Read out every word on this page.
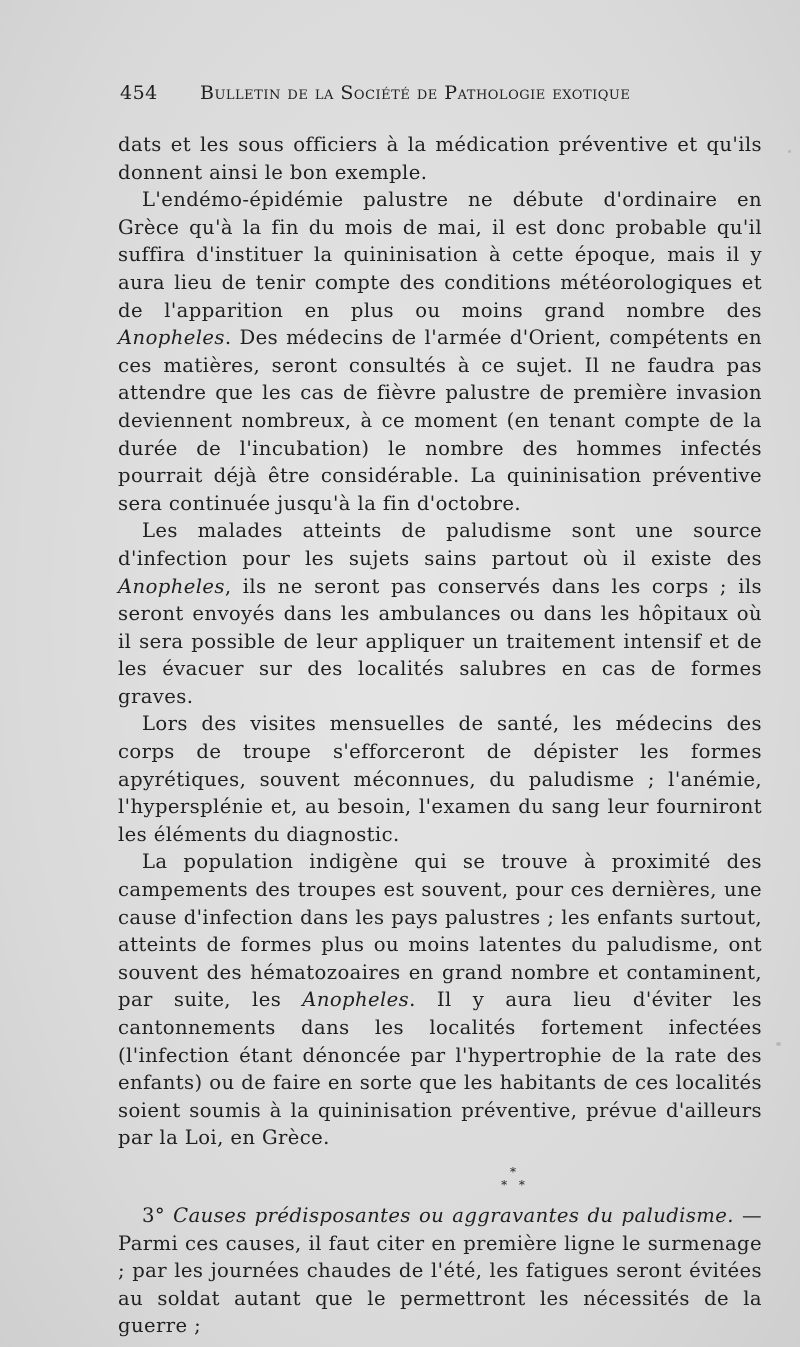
454 Bulletin de la Société de Pathologie exotique

dats et les sous officiers à la médication préventive et qu'ils donnent ainsi le bon exemple.

L'endémo-épidémie palustre ne débute d'ordinaire en Grèce qu'à la fin du mois de mai, il est donc probable qu'il suffira d'instituer la quininisation à cette époque, mais il y aura lieu de tenir compte des conditions météorologiques et de l'apparition en plus ou moins grand nombre des Anopheles. Des médecins de l'armée d'Orient, compétents en ces matières, seront consultés à ce sujet. Il ne faudra pas attendre que les cas de fièvre palustre de première invasion deviennent nombreux, à ce moment (en tenant compte de la durée de l'incubation) le nombre des hommes infectés pourrait déjà être considérable. La quininisation préventive sera continuée jusqu'à la fin d'octobre.

Les malades atteints de paludisme sont une source d'infection pour les sujets sains partout où il existe des Anopheles, ils ne seront pas conservés dans les corps ; ils seront envoyés dans les ambulances ou dans les hôpitaux où il sera possible de leur appliquer un traitement intensif et de les évacuer sur des localités salubres en cas de formes graves.

Lors des visites mensuelles de santé, les médecins des corps de troupe s'efforceront de dépister les formes apyrétiques, souvent méconnues, du paludisme ; l'anémie, l'hypersplénie et, au besoin, l'examen du sang leur fourniront les éléments du diagnostic.

La population indigène qui se trouve à proximité des campements des troupes est souvent, pour ces dernières, une cause d'infection dans les pays palustres ; les enfants surtout, atteints de formes plus ou moins latentes du paludisme, ont souvent des hématozoaires en grand nombre et contaminent, par suite, les Anopheles. Il y aura lieu d'éviter les cantonnements dans les localités fortement infectées (l'infection étant dénoncée par l'hypertrophie de la rate des enfants) ou de faire en sorte que les habitants de ces localités soient soumis à la quininisation préventive, prévue d'ailleurs par la Loi, en Grèce.

*
* *

3° Causes prédisposantes ou aggravantes du paludisme. — Parmi ces causes, il faut citer en première ligne le surmenage ; par les journées chaudes de l'été, les fatigues seront évitées au soldat autant que le permettront les nécessités de la guerre ;
